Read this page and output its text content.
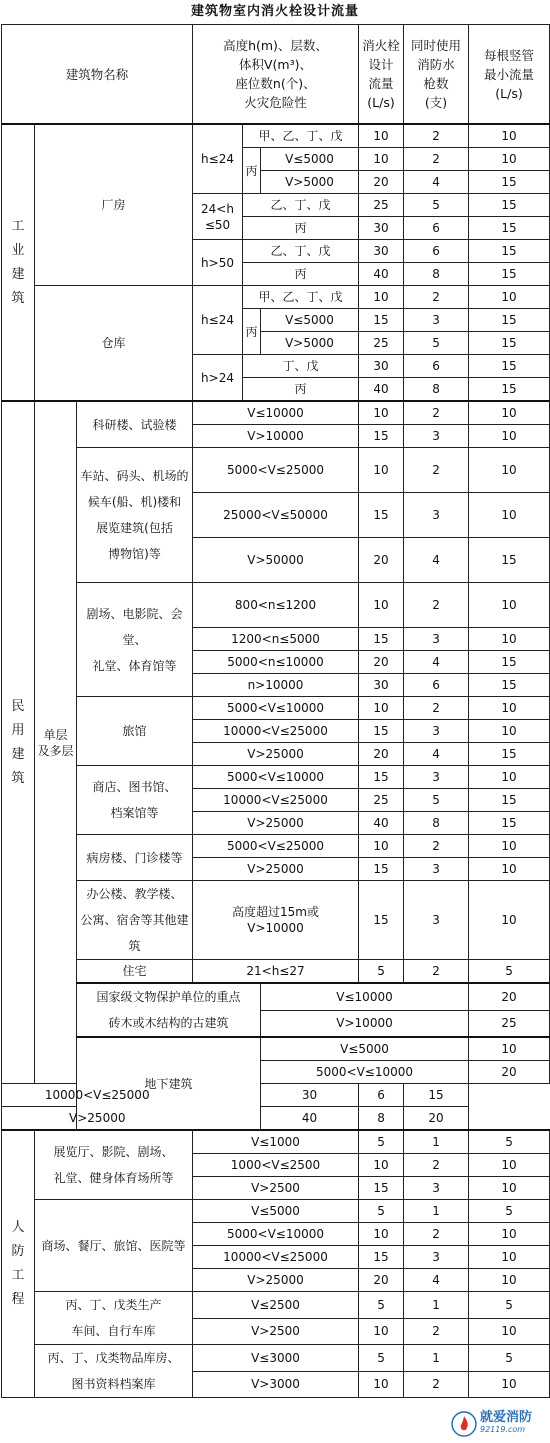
建筑物室内消火栓设计流量
建筑物名称			高度h(m)、层数、
体积V(m³)、
座位数n(个)、
火灾危险性			消火栓
设计
流量
(L/s)	同时使用
消防水
枪数
(支)	每根竖管
最小流量
(L/s)	
工
业
建
筑	厂房		h≤24	甲、乙、丁、戊		10	2	10	
				丙	V≤5000	10	2	10	
					V>5000	20	4	15	
			24<h
≤50	乙、丁、戊		25	5	15	
				丙		30	6	15	
			h>50	乙、丁、戊		30	6	15	
				丙		40	8	15	
	仓库		h≤24	甲、乙、丁、戊		10	2	10	
				丙	V≤5000	15	3	15	
					V>5000	25	5	15	
			h>24	丁、戊		30	6	15	
				丙		40	8	15	
民
用
建
筑	单层
及多层	科研楼、试验楼	V≤10000			10	2	10	
			V>10000			15	3	10	
		车站、码头、机场的
候车(船、机)楼和
展览建筑(包括
博物馆)等	5000<V≤25000			10	2	10	
			25000<V≤50000			15	3	10	
			V>50000			20	4	15	
		剧场、电影院、会堂、
礼堂、体育馆等	800<n≤1200			10	2	10	
			1200<n≤5000			15	3	10	
			5000<n≤10000			20	4	15	
			n>10000			30	6	15	
		旅馆	5000<V≤10000			10	2	10	
			10000<V≤25000			15	3	10	
			V>25000			20	4	15	
		商店、图书馆、
档案馆等	5000<V≤10000			15	3	10	
			10000<V≤25000			25	5	15	
			V>25000			40	8	15	
		病房楼、门诊楼等	5000<V≤25000			10	2	10	
			V>25000			15	3	10	
		办公楼、教学楼、
公寓、宿舍等其他建筑	高度超过15m或
V>10000			15	3	10	
		住宅	21<h≤27			5	2	5	
		国家级文物保护单位的重点
砖木或木结构的古建筑			V≤10000			20		
					V>10000			25		
		地下建筑			V≤5000			10		
					5000<V≤10000			20		
10000<V≤25000					30	6	15		
V>25000					40	8	20		
人
防
工
程	展览厅、影院、剧场、
礼堂、健身体育场所等		V≤1000			5	1	5	
			1000<V≤2500			10	2	10	
			V>2500			15	3	10	
	商场、餐厅、旅馆、医院等		V≤5000			5	1	5	
			5000<V≤10000			10	2	10	
			10000<V≤25000			15	3	10	
			V>25000			20	4	10	
	丙、丁、戊类生产
车间、自行车库		V≤2500			5	1	5	
			V>2500			10	2	10	
	丙、丁、戊类物品库房、
图书资料档案库		V≤3000			5	1	5	
			V>3000			10	2	10	
就爱消防
92119.com
